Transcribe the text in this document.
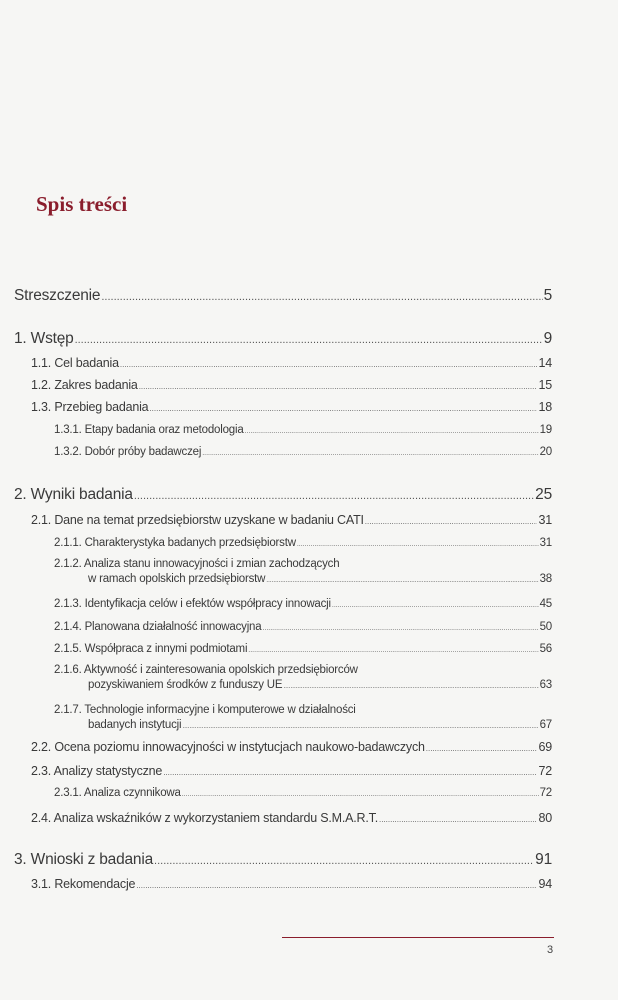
Spis treści
Streszczenie .....	5
1. Wstęp .....	9
1.1. Cel badania .....	14
1.2. Zakres badania .....	15
1.3. Przebieg badania .....	18
1.3.1. Etapy badania oraz metodologia .....	19
1.3.2. Dobór próby badawczej .....	20
2. Wyniki badania .....	25
2.1. Dane na temat przedsiębiorstw uzyskane w badaniu CATI .....	31
2.1.1. Charakterystyka badanych przedsiębiorstw .....	31
2.1.2. Analiza stanu innowacyjności i zmian zachodzących
w ramach opolskich przedsiębiorstw .....	38
2.1.3. Identyfikacja celów i efektów współpracy innowacji .....	45
2.1.4. Planowana działalność innowacyjna .....	50
2.1.5. Współpraca z innymi podmiotami .....	56
2.1.6. Aktywność i zainteresowania opolskich przedsiębiorców
pozyskiwaniem środków z funduszy UE .....	63
2.1.7. Technologie informacyjne i komputerowe w działalności
badanych instytucji .....	67
2.2. Ocena poziomu innowacyjności w instytucjach naukowo-badawczych .....	69
2.3. Analizy statystyczne .....	72
2.3.1. Analiza czynnikowa .....	72
2.4. Analiza wskaźników z wykorzystaniem standardu S.M.A.R.T. .....	80
3. Wnioski z badania .....	91
3.1. Rekomendacje .....	94
3
